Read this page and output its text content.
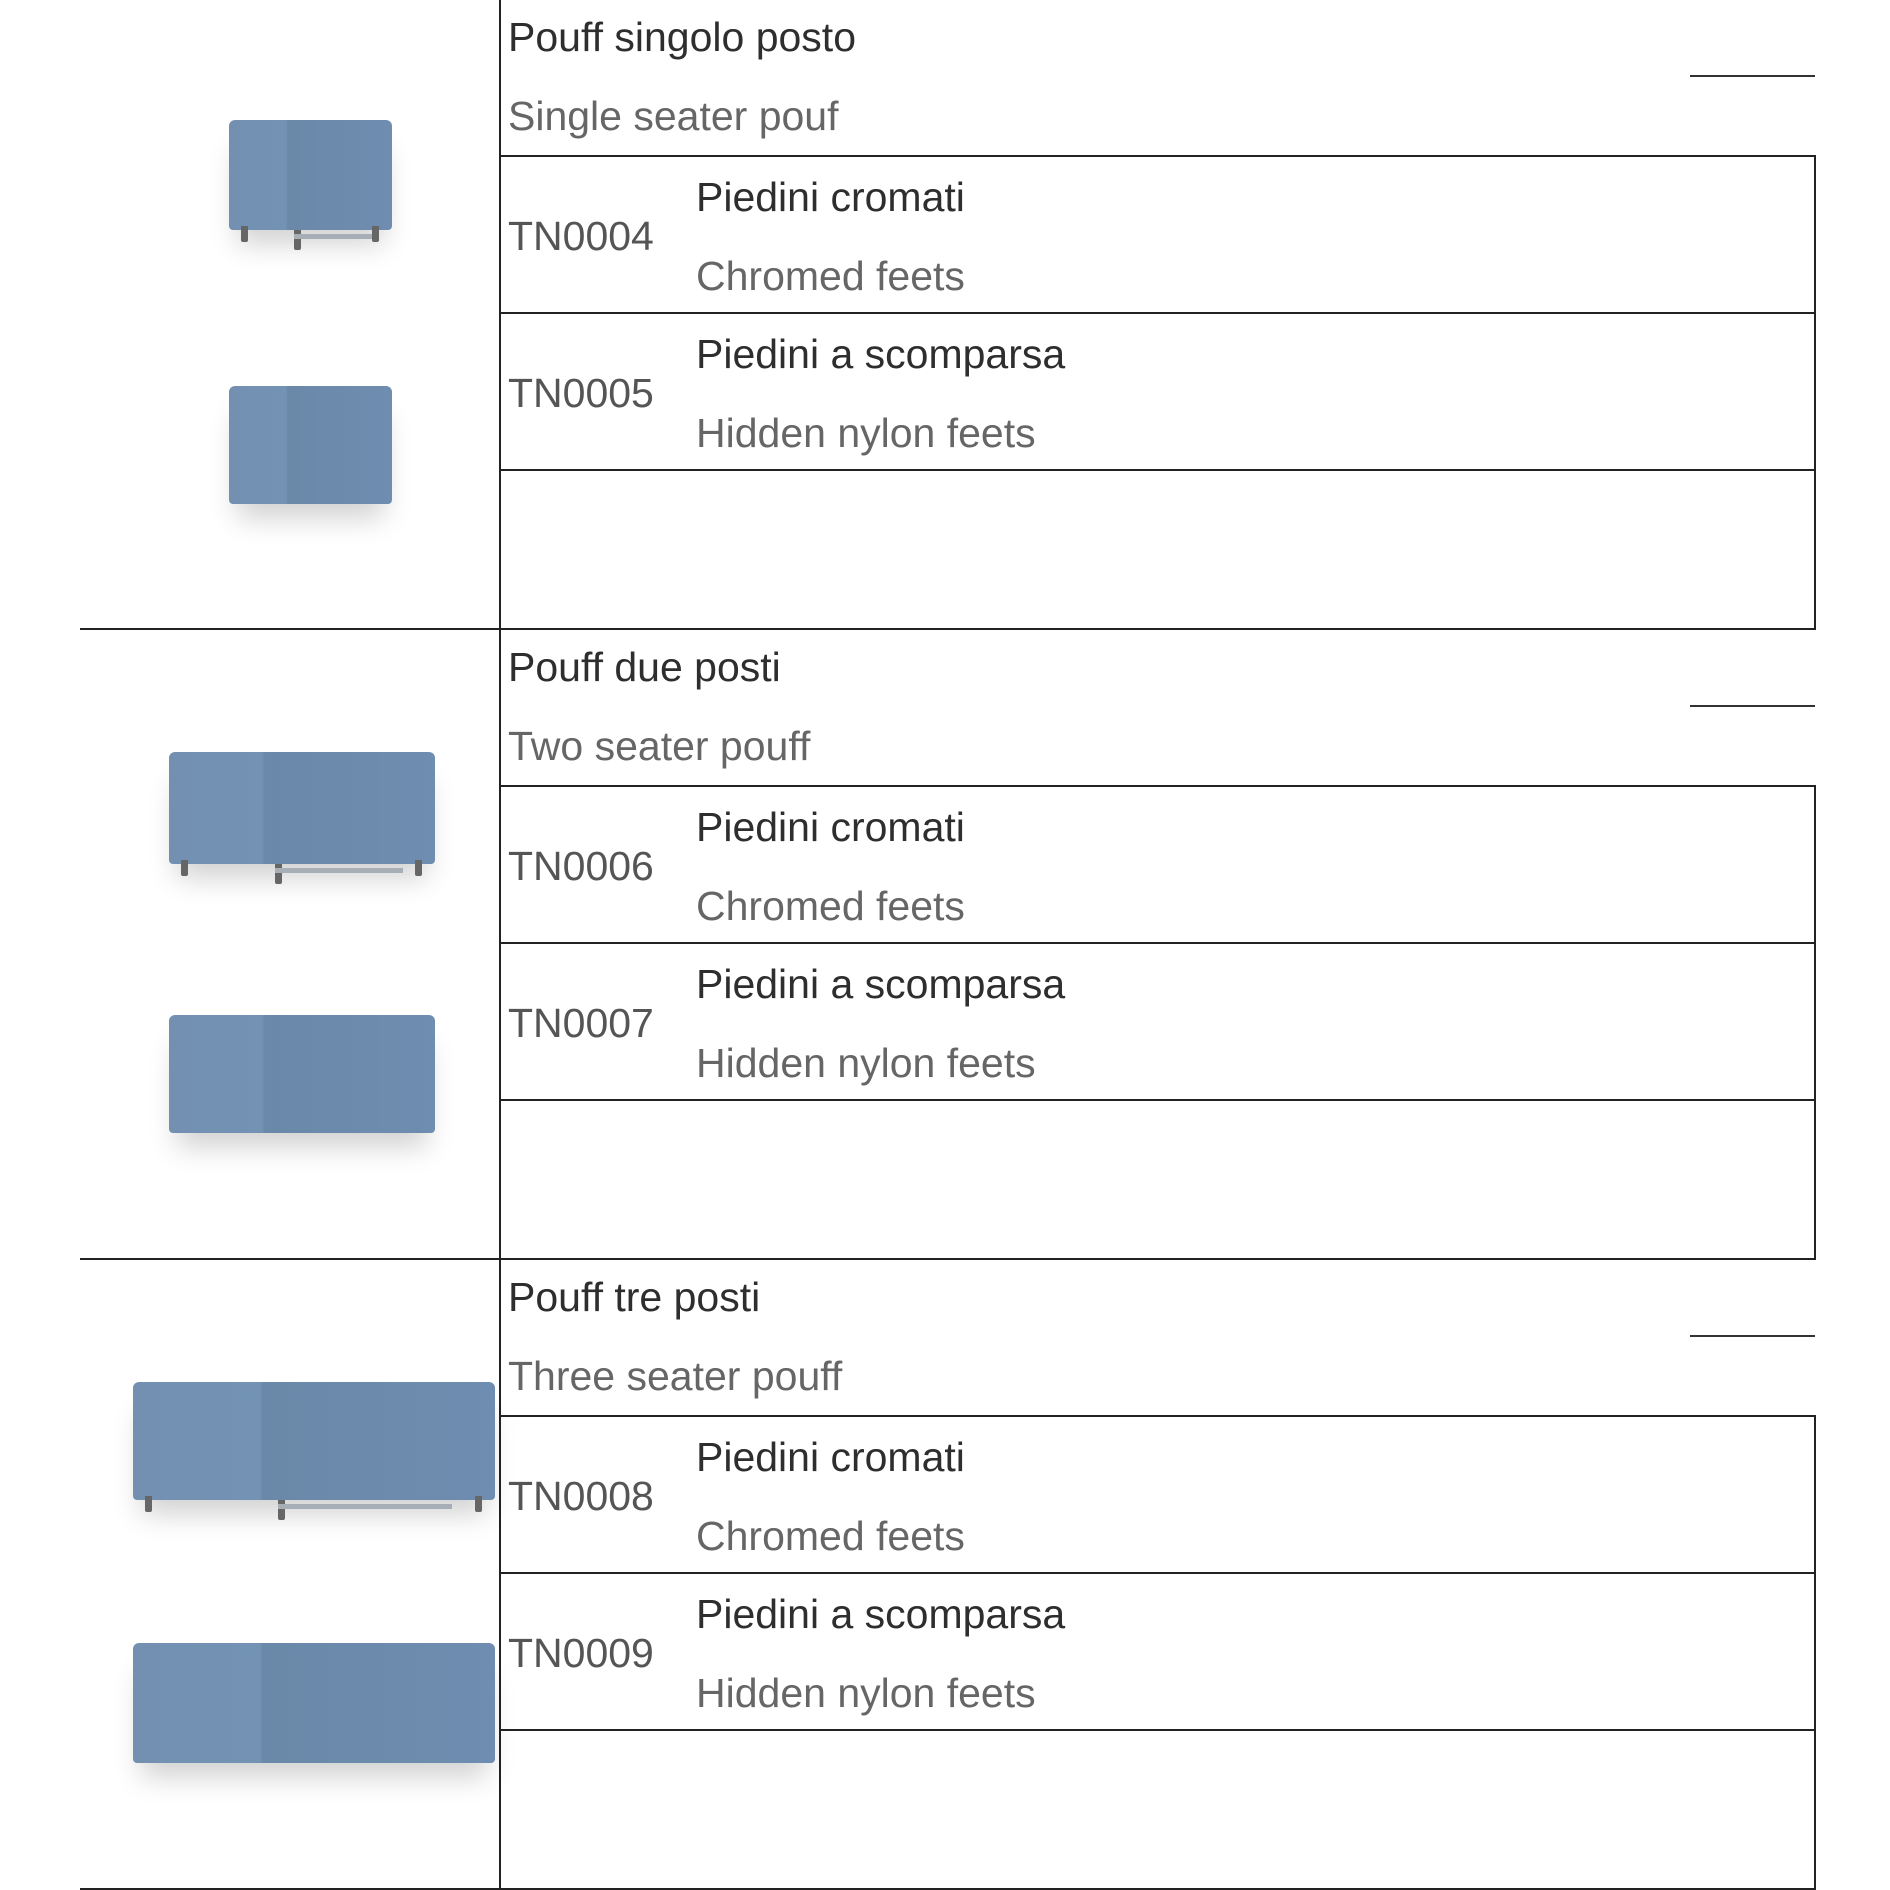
Pouff singolo posto
Single seater pouf
TN0004
Piedini cromati
Chromed feets
TN0005
Piedini a scomparsa
Hidden nylon feets
Pouff due posti
Two seater pouff
TN0006
Piedini cromati
Chromed feets
TN0007
Piedini a scomparsa
Hidden nylon feets
Pouff tre posti
Three seater pouff
TN0008
Piedini cromati
Chromed feets
TN0009
Piedini a scomparsa
Hidden nylon feets
